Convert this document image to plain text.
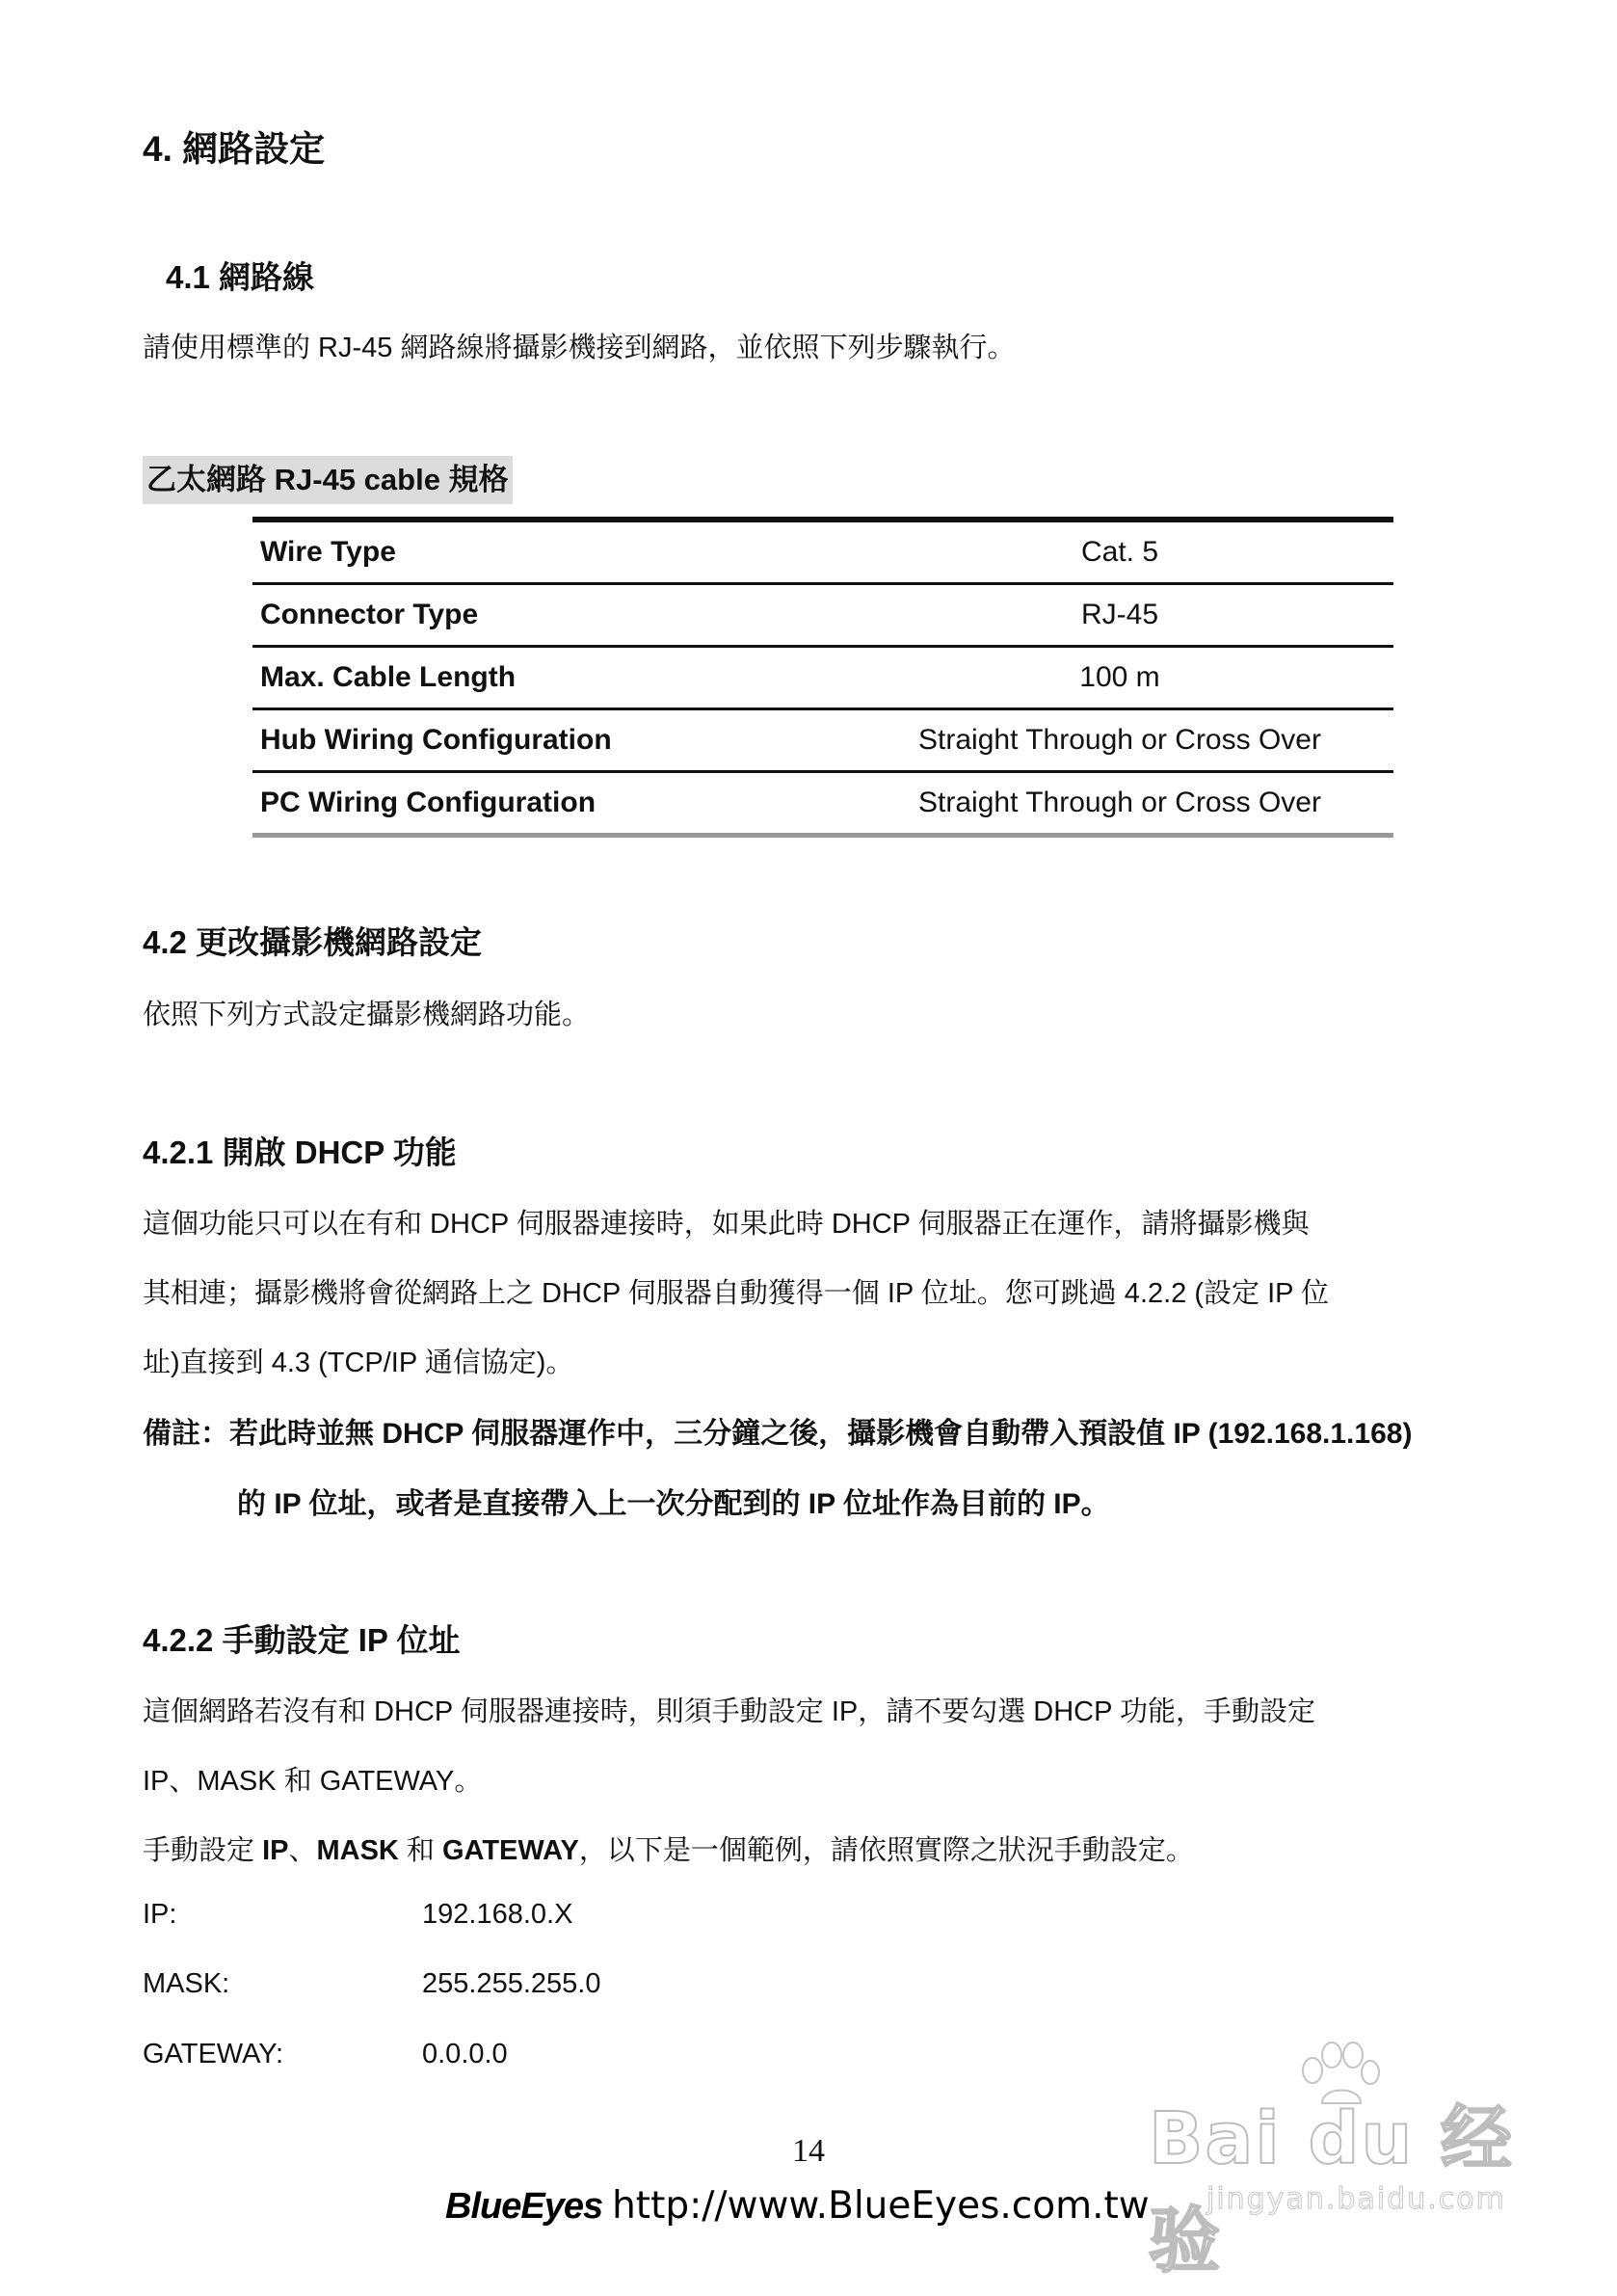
4. 網路設定
4.1 網路線
請使用標準的 RJ-45 網路線將攝影機接到網路，並依照下列步驟執行。
乙太網路 RJ-45 cable 規格
Wire Type	Cat. 5
Connector Type	RJ-45
Max. Cable Length	100 m
Hub Wiring Configuration	Straight Through or Cross Over
PC Wiring Configuration	Straight Through or Cross Over
4.2 更改攝影機網路設定
依照下列方式設定攝影機網路功能。
4.2.1 開啟 DHCP 功能
這個功能只可以在有和 DHCP 伺服器連接時，如果此時 DHCP 伺服器正在運作，請將攝影機與
其相連；攝影機將會從網路上之 DHCP 伺服器自動獲得一個 IP 位址。您可跳過 4.2.2 (設定 IP 位
址)直接到 4.3 (TCP/IP 通信協定)。
備註：若此時並無 DHCP 伺服器運作中，三分鐘之後，攝影機會自動帶入預設值 IP (192.168.1.168)
的 IP 位址，或者是直接帶入上一次分配到的 IP 位址作為目前的 IP。
4.2.2 手動設定 IP 位址
這個網路若沒有和 DHCP 伺服器連接時，則須手動設定 IP，請不要勾選 DHCP 功能，手動設定
IP、MASK 和 GATEWAY。
手動設定 IP、MASK 和 GATEWAY，以下是一個範例，請依照實際之狀況手動設定。
IP:	192.168.0.X
MASK:	255.255.255.0
GATEWAY:	0.0.0.0
14
BlueEyes http://www.BlueEyes.com.tw
Bai du 经验
jingyan.baidu.com
